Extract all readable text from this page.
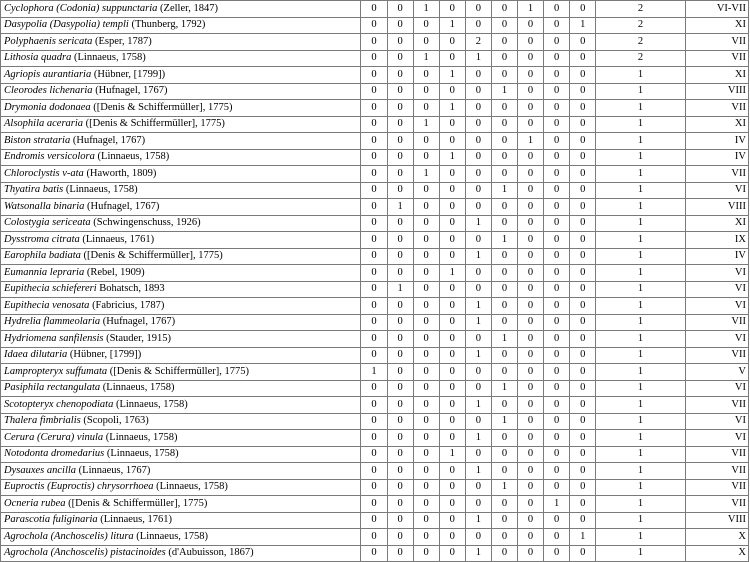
Cyclophora (Codonia) suppunctaria (Zeller, 1847)	0	0	1	0	0	0	1	0	0	2	VI-VII
Dasypolia (Dasypolia) templi (Thunberg, 1792)	0	0	0	1	0	0	0	0	1	2	XI
Polyphaenis sericata (Esper, 1787)	0	0	0	0	2	0	0	0	0	2	VII
Lithosia quadra (Linnaeus, 1758)	0	0	1	0	1	0	0	0	0	2	VII
Agriopis aurantiaria (Hübner, [1799])	0	0	0	1	0	0	0	0	0	1	XI
Cleorodes lichenaria (Hufnagel, 1767)	0	0	0	0	0	1	0	0	0	1	VIII
Drymonia dodonaea ([Denis & Schiffermüller], 1775)	0	0	0	1	0	0	0	0	0	1	VII
Alsophila aceraria ([Denis & Schiffermüller], 1775)	0	0	1	0	0	0	0	0	0	1	XI
Biston strataria (Hufnagel, 1767)	0	0	0	0	0	0	1	0	0	1	IV
Endromis versicolora (Linnaeus, 1758)	0	0	0	1	0	0	0	0	0	1	IV
Chloroclystis v-ata (Haworth, 1809)	0	0	1	0	0	0	0	0	0	1	VII
Thyatira batis (Linnaeus, 1758)	0	0	0	0	0	1	0	0	0	1	VI
Watsonalla binaria (Hufnagel, 1767)	0	1	0	0	0	0	0	0	0	1	VIII
Colostygia sericeata (Schwingenschuss, 1926)	0	0	0	0	1	0	0	0	0	1	XI
Dysstroma citrata (Linnaeus, 1761)	0	0	0	0	0	1	0	0	0	1	IX
Earophila badiata ([Denis & Schiffermüller], 1775)	0	0	0	0	1	0	0	0	0	1	IV
Eumannia lepraria (Rebel, 1909)	0	0	0	1	0	0	0	0	0	1	VI
Eupithecia schiefereri Bohatsch, 1893	0	1	0	0	0	0	0	0	0	1	VI
Eupithecia venosata (Fabricius, 1787)	0	0	0	0	1	0	0	0	0	1	VI
Hydrelia flammeolaria (Hufnagel, 1767)	0	0	0	0	1	0	0	0	0	1	VII
Hydriomena sanfilensis (Stauder, 1915)	0	0	0	0	0	1	0	0	0	1	VI
Idaea dilutaria (Hübner, [1799])	0	0	0	0	1	0	0	0	0	1	VII
Lampropteryx suffumata ([Denis & Schiffermüller], 1775)	1	0	0	0	0	0	0	0	0	1	V
Pasiphila rectangulata (Linnaeus, 1758)	0	0	0	0	0	1	0	0	0	1	VI
Scotopteryx chenopodiata (Linnaeus, 1758)	0	0	0	0	1	0	0	0	0	1	VII
Thalera fimbrialis (Scopoli, 1763)	0	0	0	0	0	1	0	0	0	1	VI
Cerura (Cerura) vinula (Linnaeus, 1758)	0	0	0	0	1	0	0	0	0	1	VI
Notodonta dromedarius (Linnaeus, 1758)	0	0	0	1	0	0	0	0	0	1	VII
Dysauxes ancilla (Linnaeus, 1767)	0	0	0	0	1	0	0	0	0	1	VII
Euproctis (Euproctis) chrysorrhoea (Linnaeus, 1758)	0	0	0	0	0	1	0	0	0	1	VII
Ocneria rubea ([Denis & Schiffermüller], 1775)	0	0	0	0	0	0	0	1	0	1	VII
Parascotia fuliginaria (Linnaeus, 1761)	0	0	0	0	1	0	0	0	0	1	VIII
Agrochola (Anchoscelis) litura (Linnaeus, 1758)	0	0	0	0	0	0	0	0	1	1	X
Agrochola (Anchoscelis) pistacinoides (d'Aubuisson, 1867)	0	0	0	0	1	0	0	0	0	1	X
